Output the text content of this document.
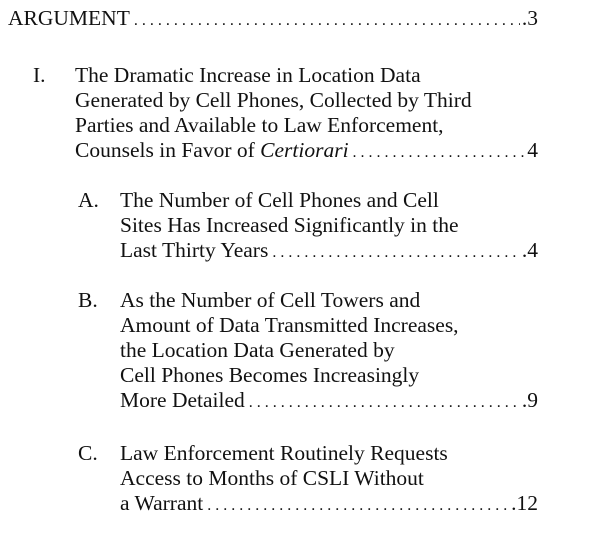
ARGUMENT . . .	.3
I. The Dramatic Increase in Location Data
Generated by Cell Phones, Collected by Third
Parties and Available to Law Enforcement,
Counsels in Favor of Certiorari . . .	4
A. The Number of Cell Phones and Cell
Sites Has Increased Significantly in the
Last Thirty Years . . .	.4
B. As the Number of Cell Towers and
Amount of Data Transmitted Increases,
the Location Data Generated by
Cell Phones Becomes Increasingly
More Detailed . . .	.9
C. Law Enforcement Routinely Requests
Access to Months of CSLI Without
a Warrant . . .	.12
